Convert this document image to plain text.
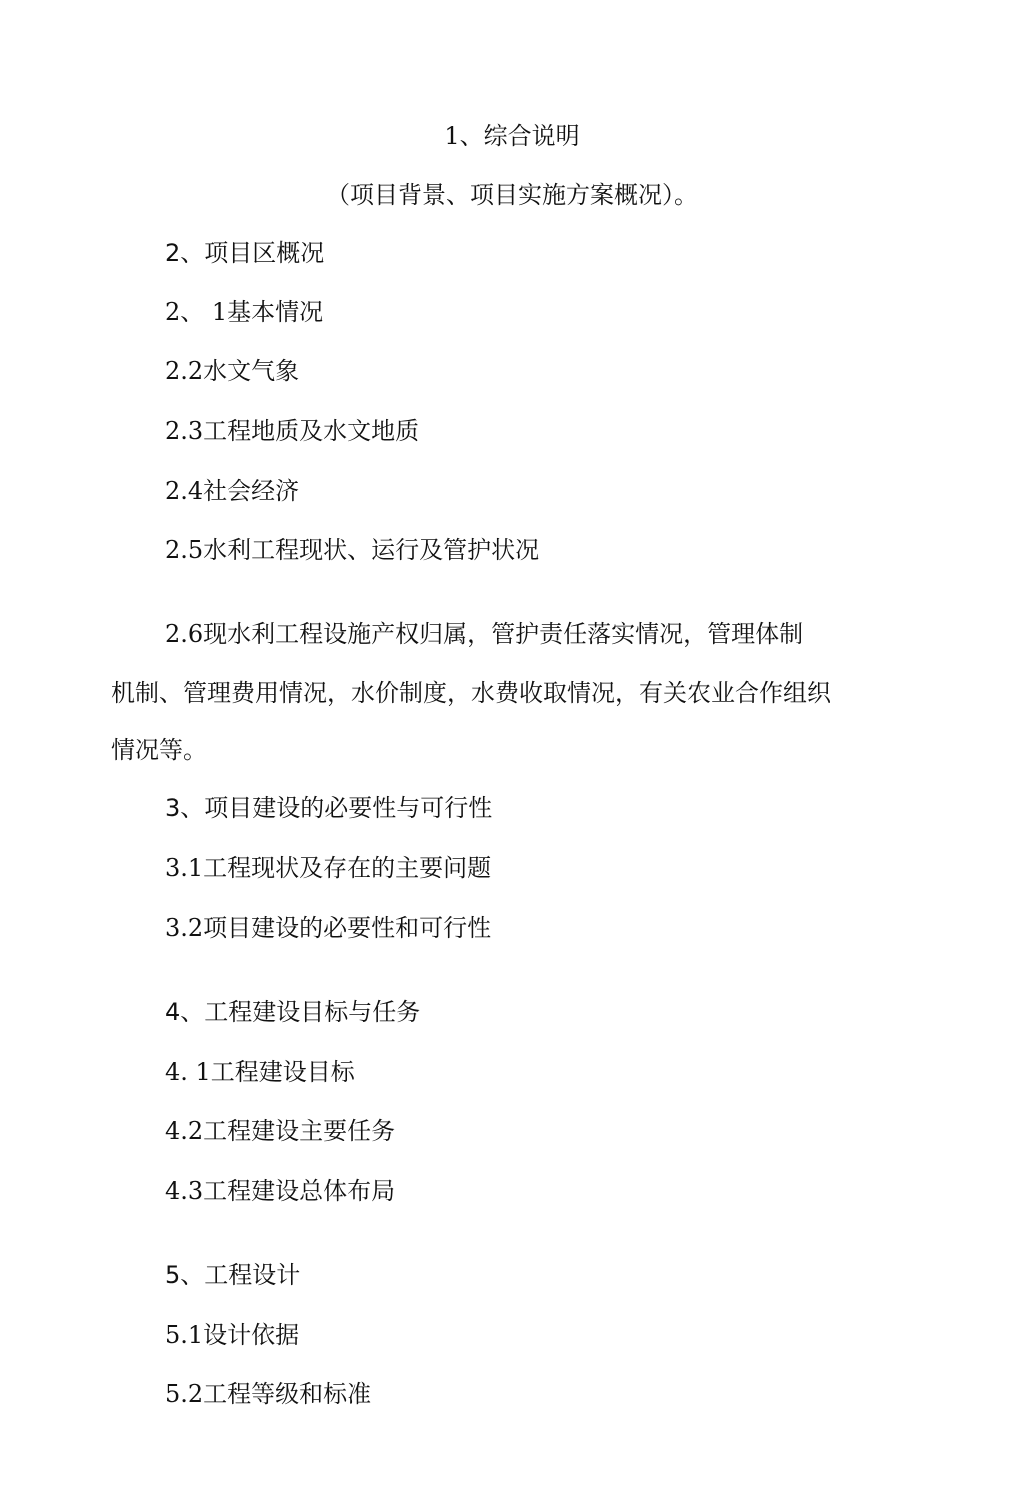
1、综合说明
（项目背景、项目实施方案概况）。
2、项目区概况
2、 1基本情况
2.2水文气象
2.3工程地质及水文地质
2.4社会经济
2.5水利工程现状、运行及管护状况
2.6现水利工程设施产权归属，管护责任落实情况，管理体制
机制、管理费用情况，水价制度，水费收取情况，有关农业合作组织
情况等。
3、项目建设的必要性与可行性
3.1工程现状及存在的主要问题
3.2项目建设的必要性和可行性
4、工程建设目标与任务
4. 1工程建设目标
4.2工程建设主要任务
4.3工程建设总体布局
5、工程设计
5.1设计依据
5.2工程等级和标准
